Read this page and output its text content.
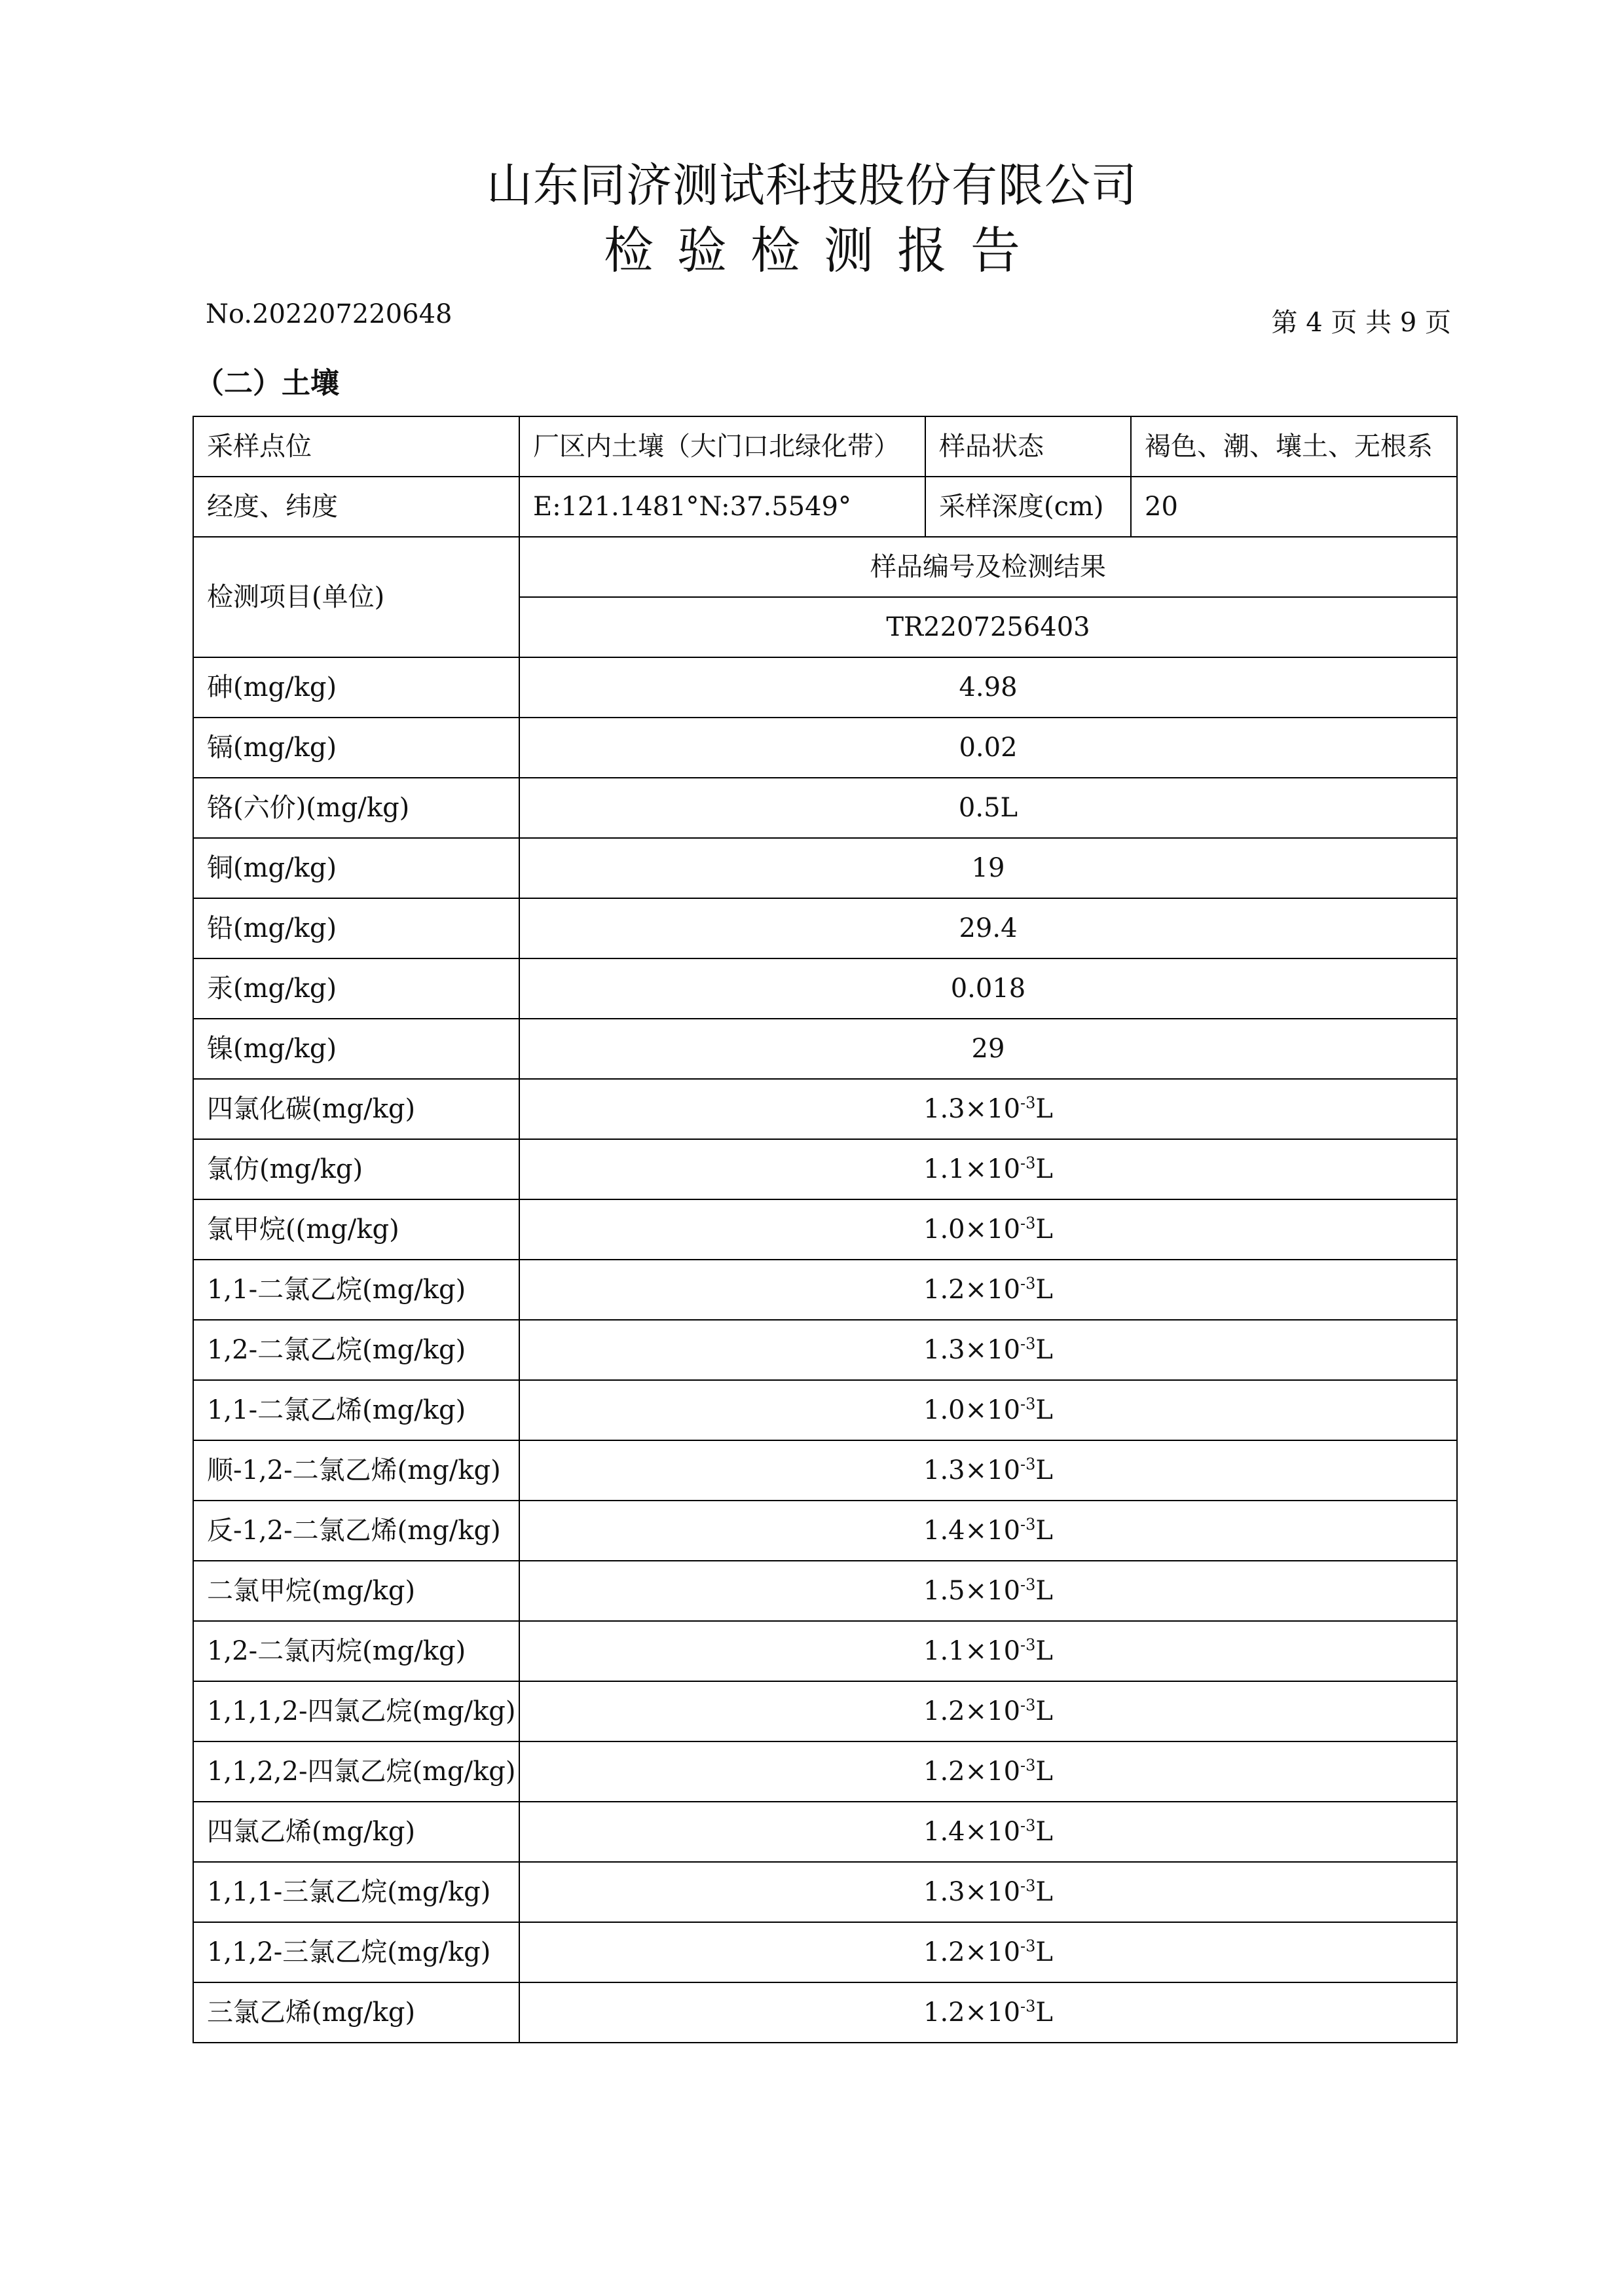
山东同济测试科技股份有限公司
检验检测报告
No.202207220648	第 4 页 共 9 页
（二）土壤
采样点位	厂区内土壤（大门口北绿化带）	样品状态	褐色、潮、壤土、无根系
经度、纬度	E:121.1481°N:37.5549°	采样深度(cm)	20
检测项目(单位)	样品编号及检测结果		
	TR2207256403		
砷(mg/kg)	4.98		
镉(mg/kg)	0.02		
铬(六价)(mg/kg)	0.5L		
铜(mg/kg)	19		
铅(mg/kg)	29.4		
汞(mg/kg)	0.018		
镍(mg/kg)	29		
四氯化碳(mg/kg)	$1.3\times 10^{-3}L$		
氯仿(mg/kg)	$1.1\times 10^{-3}L$		
氯甲烷((mg/kg)	$1.0\times 10^{-3}L$		
1,1-二氯乙烷(mg/kg)	$1.2\times 10^{-3}L$		
1,2-二氯乙烷(mg/kg)	$1.3\times 10^{-3}L$		
1,1-二氯乙烯(mg/kg)	$1.0\times 10^{-3}L$		
顺-1,2-二氯乙烯(mg/kg)	$1.3\times 10^{-3}L$		
反-1,2-二氯乙烯(mg/kg)	$1.4\times 10^{-3}L$		
二氯甲烷(mg/kg)	$1.5\times 10^{-3}L$		
1,2-二氯丙烷(mg/kg)	$1.1\times 10^{-3}L$		
1,1,1,2-四氯乙烷(mg/kg)	$1.2\times 10^{-3}L$		
1,1,2,2-四氯乙烷(mg/kg)	$1.2\times 10^{-3}L$		
四氯乙烯(mg/kg)	$1.4\times 10^{-3}L$		
1,1,1-三氯乙烷(mg/kg)	$1.3\times 10^{-3}L$		
1,1,2-三氯乙烷(mg/kg)	$1.2\times 10^{-3}L$		
三氯乙烯(mg/kg)	$1.2\times 10^{-3}L$		
